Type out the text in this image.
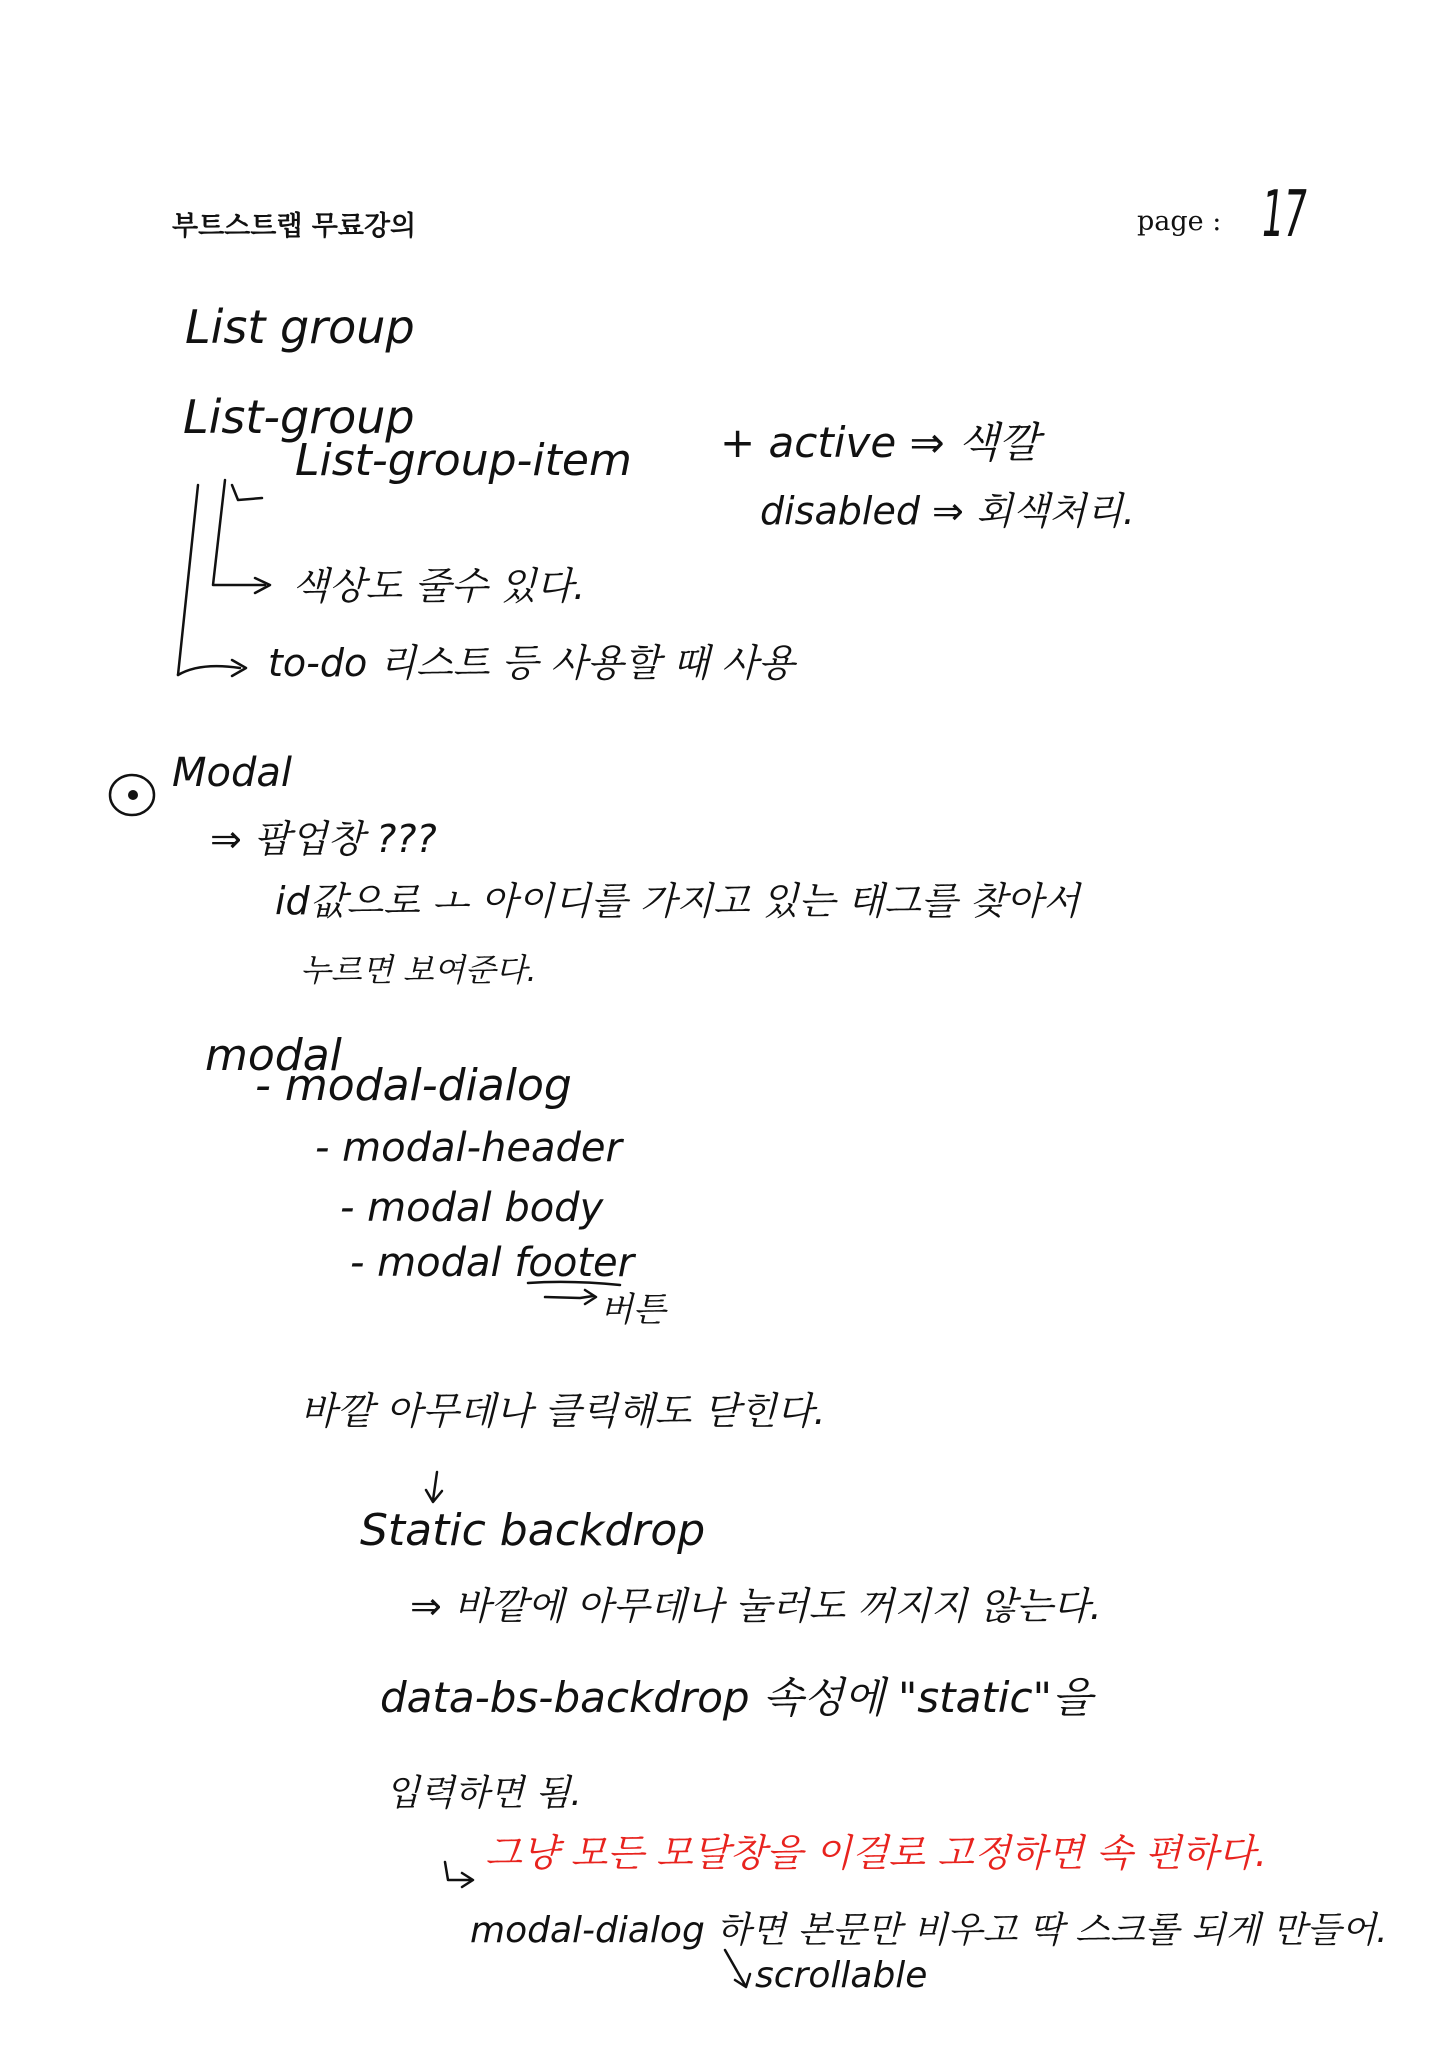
부트스트랩 무료강의	page : 17
List group
List-group
List-group-item + active ⇒ 색깔
disabled ⇒ 회색처리.
색상도 줄수 있다.
to-do 리스트 등 사용할 때 사용
Modal
⇒ 팝업창 ???
id값으로 ㅗ 아이디를 가지고 있는 태그를 찾아서
누르면 보여준다.
modal
- modal-dialog
- modal-header
- modal body
- modal footer
버튼
바깥 아무데나 클릭해도 닫힌다.
Static backdrop
⇒ 바깥에 아무데나 눌러도 꺼지지 않는다.
data-bs-backdrop 속성에 "static"을
입력하면 됨.
그냥 모든 모달창을 이걸로 고정하면 속 편하다.
modal-dialog 하면 본문만 비우고 딱 스크롤 되게 만들어.
scrollable
